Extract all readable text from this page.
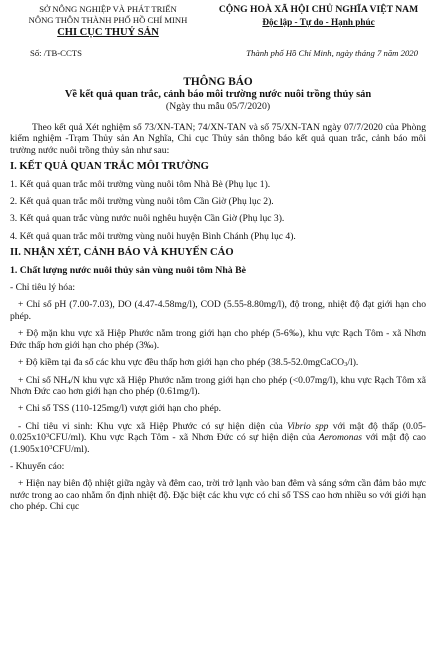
SỞ NÔNG NGHIỆP VÀ PHÁT TRIỂN
NÔNG THÔN THÀNH PHỐ HỒ CHÍ MINH
CHI CỤC THUỶ SẢN
CỘNG HOÀ XÃ HỘI CHỦ NGHĨA VIỆT NAM
Độc lập - Tự do - Hạnh phúc
Số: /TB-CCTS	Thành phố Hồ Chí Minh, ngày tháng 7 năm 2020
THÔNG BÁO
Về kết quả quan trắc, cảnh báo môi trường nước nuôi trồng thủy sản
(Ngày thu mẫu 05/7/2020)

Theo kết quả Xét nghiệm số 73/XN-TAN; 74/XN-TAN và số 75/XN-TAN ngày 07/7/2020 của Phòng kiểm nghiệm -Trạm Thủy sản An Nghĩa, Chi cục Thủy sản thông báo kết quả quan trắc, cảnh báo môi trường nước nuôi trồng thủy sản như sau:

I. KẾT QUẢ QUAN TRẮC MÔI TRƯỜNG

1. Kết quả quan trắc môi trường vùng nuôi tôm Nhà Bè (Phụ lục 1).

2. Kết quả quan trắc môi trường vùng nuôi tôm Cần Giờ (Phụ lục 2).

3. Kết quả quan trắc vùng nước nuôi nghêu huyện Cần Giờ (Phụ lục 3).

4. Kết quả quan trắc môi trường vùng nuôi huyện Bình Chánh (Phụ lục 4).

II. NHẬN XÉT, CẢNH BÁO VÀ KHUYẾN CÁO

1. Chất lượng nước nuôi thủy sản vùng nuôi tôm Nhà Bè

- Chỉ tiêu lý hóa:

+ Chỉ số pH (7.00-7.03), DO (4.47-4.58mg/l), COD (5.55-8.80mg/l), độ trong, nhiệt độ đạt giới hạn cho phép.

+ Độ mặn khu vực xã Hiệp Phước nằm trong giới hạn cho phép (5-6‰), khu vực Rạch Tôm - xã Nhơn Đức thấp hơn giới hạn cho phép (3‰).

+ Độ kiềm tại đa số các khu vực đều thấp hơn giới hạn cho phép (38.5-52.0mgCaCO$_3$/l).

+ Chỉ số $NH_4/N$ khu vực xã Hiệp Phước nằm trong giới hạn cho phép (<0.07mg/l), khu vực Rạch Tôm xã Nhơn Đức cao hơn giới hạn cho phép (0.61mg/l).

+ Chỉ số TSS (110-125mg/l) vượt giới hạn cho phép.

- Chỉ tiêu vi sinh: Khu vực xã Hiệp Phước có sự hiện diện của Vibrio spp với mật độ thấp $(0.05-0.025x10^3CFU/ml)$. Khu vực Rạch Tôm - xã Nhơn Đức có sự hiện diện của Aeromonas với mật độ cao $(1.905x10^3CFU/ml)$.

- Khuyến cáo:

+ Hiện nay biên độ nhiệt giữa ngày và đêm cao, trời trở lạnh vào ban đêm và sáng sớm cần đảm bảo mực nước trong ao cao nhằm ổn định nhiệt độ. Đặc biệt các khu vực có chỉ số TSS cao hơn nhiều so với giới hạn cho phép. Chi cục
